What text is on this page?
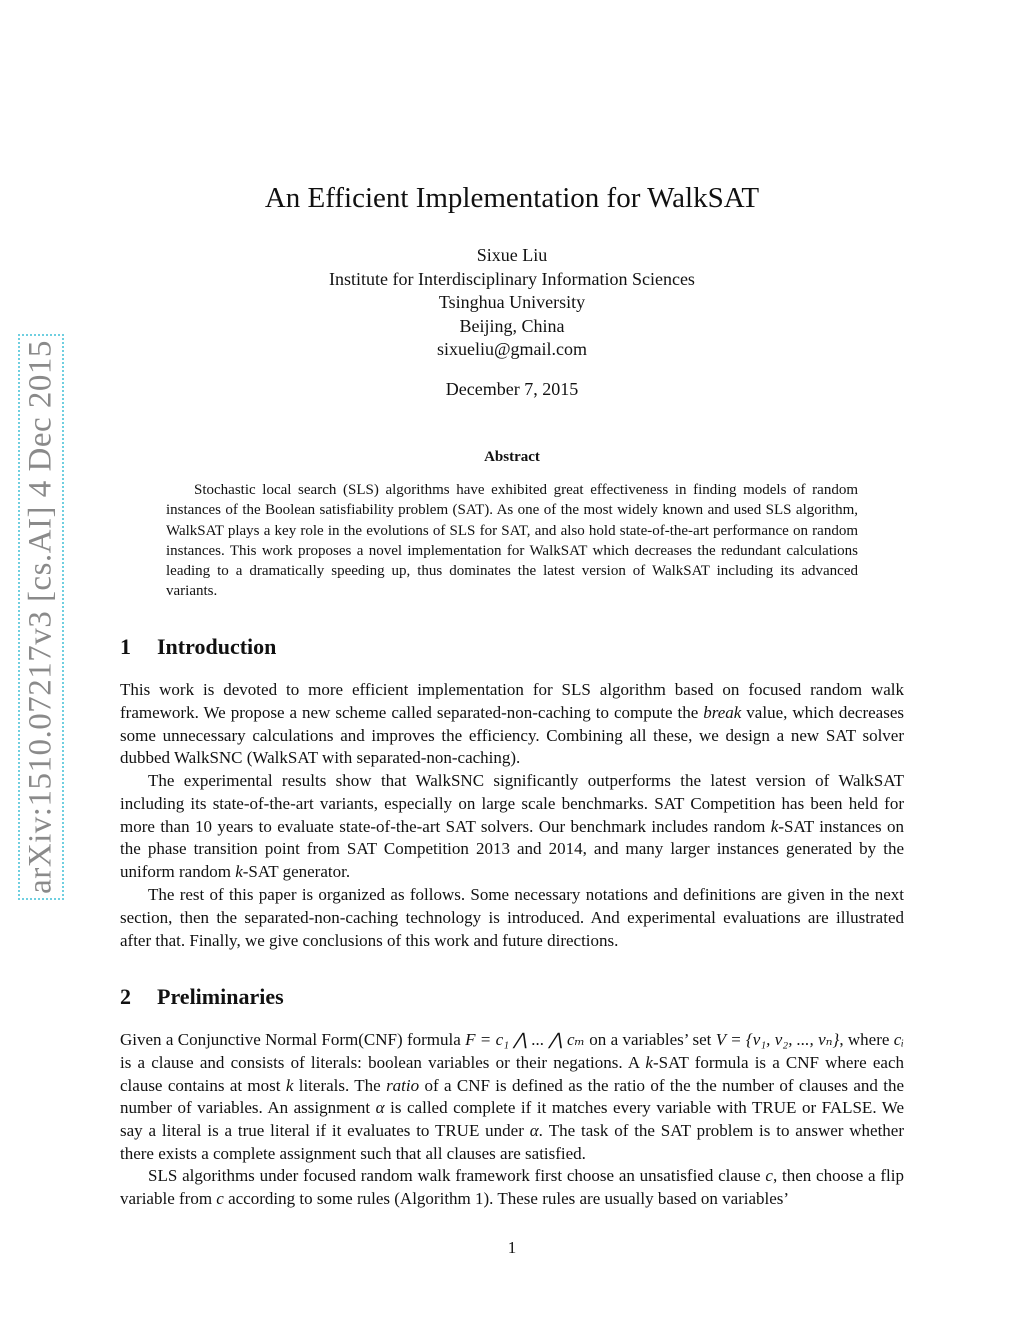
arXiv:1510.07217v3 [cs.AI] 4 Dec 2015
An Efficient Implementation for WalkSAT
Sixue Liu
Institute for Interdisciplinary Information Sciences
Tsinghua University
Beijing, China
sixueliu@gmail.com
December 7, 2015
Abstract
Stochastic local search (SLS) algorithms have exhibited great effectiveness in finding models of random instances of the Boolean satisfiability problem (SAT). As one of the most widely known and used SLS algorithm, WalkSAT plays a key role in the evolutions of SLS for SAT, and also hold state-of-the-art performance on random instances. This work proposes a novel implementation for WalkSAT which decreases the redundant calculations leading to a dramatically speeding up, thus dominates the latest version of WalkSAT including its advanced variants.
1 Introduction

This work is devoted to more efficient implementation for SLS algorithm based on focused random walk framework. We propose a new scheme called separated-non-caching to compute the break value, which decreases some unnecessary calculations and improves the efficiency. Combining all these, we design a new SAT solver dubbed WalkSNC (WalkSAT with separated-non-caching).

The experimental results show that WalkSNC significantly outperforms the latest version of WalkSAT including its state-of-the-art variants, especially on large scale benchmarks. SAT Competition has been held for more than 10 years to evaluate state-of-the-art SAT solvers. Our benchmark includes random k-SAT instances on the phase transition point from SAT Competition 2013 and 2014, and many larger instances generated by the uniform random k-SAT generator.

The rest of this paper is organized as follows. Some necessary notations and definitions are given in the next section, then the separated-non-caching technology is introduced. And experimental evaluations are illustrated after that. Finally, we give conclusions of this work and future directions.

2 Preliminaries

Given a Conjunctive Normal Form(CNF) formula F = c₁ ⋀ ... ⋀ cₘ on a variables’ set V = {v₁, v₂, ..., vₙ}, where cᵢ is a clause and consists of literals: boolean variables or their negations. A k-SAT formula is a CNF where each clause contains at most k literals. The ratio of a CNF is defined as the ratio of the the number of clauses and the number of variables. An assignment α is called complete if it matches every variable with TRUE or FALSE. We say a literal is a true literal if it evaluates to TRUE under α. The task of the SAT problem is to answer whether there exists a complete assignment such that all clauses are satisfied.

SLS algorithms under focused random walk framework first choose an unsatisfied clause c, then choose a flip variable from c according to some rules (Algorithm 1). These rules are usually based on variables’

1
